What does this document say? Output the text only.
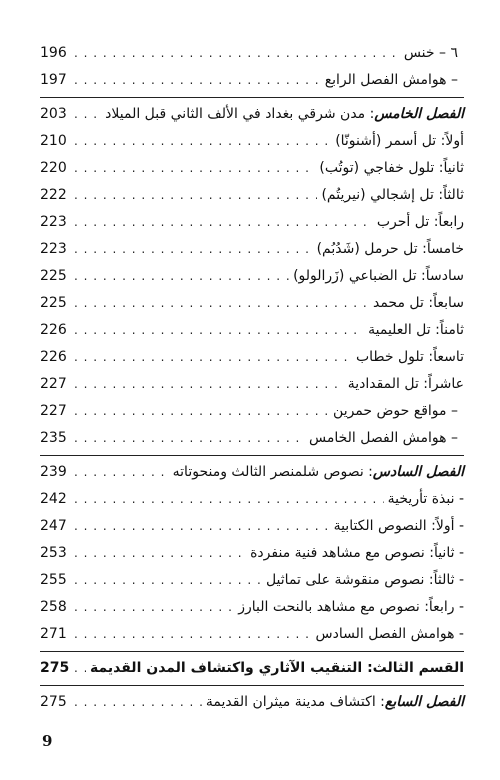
٦ – خنس
. . .
196
– هوامش الفصل الرابع
. . .
197
الفصل الخامس: مدن شرقي بغداد في الألف الثاني قبل الميلاد
. . .
203
أولاً: تل أسمر (أشنونّا)
. . .
210
ثانياً: تلول خفاجي (توتُب)
. . .
220
ثالثاً: تل إشجالي (نيريتُم)
. . .
222
رابعاً: تل أحرب
. . .
223
خامساً: تل حرمل (شَدُبُم)
. . .
223
سادساً: تل الضباعي (زَرالولو)
. . .
225
سابعاً: تل محمد
. . .
225
ثامناً: تل العليمية
. . .
226
تاسعاً: تلول خطاب
. . .
226
عاشراً: تل المقدادية
. . .
227
– مواقع حوض حمرين
. . .
227
– هوامش الفصل الخامس
. . .
235
الفصل السادس: نصوص شلمنصر الثالث ومنحوتاته
. . .
239
- نبذة تأريخية
. . .
242
- أولاً: النصوص الكتابية
. . .
247
- ثانياً: نصوص مع مشاهد فنية منفردة
. . .
253
- ثالثاً: نصوص منقوشة على تماثيل
. . .
255
- رابعاً: نصوص مع مشاهد بالنحت البارز
. . .
258
- هوامش الفصل السادس
. . .
271
القسم الثالث: التنقيب الآثاري واكتشاف المدن القديمة
. . .
275
الفصل السابع: اكتشاف مدينة ميثران القديمة
. . .
275
9
